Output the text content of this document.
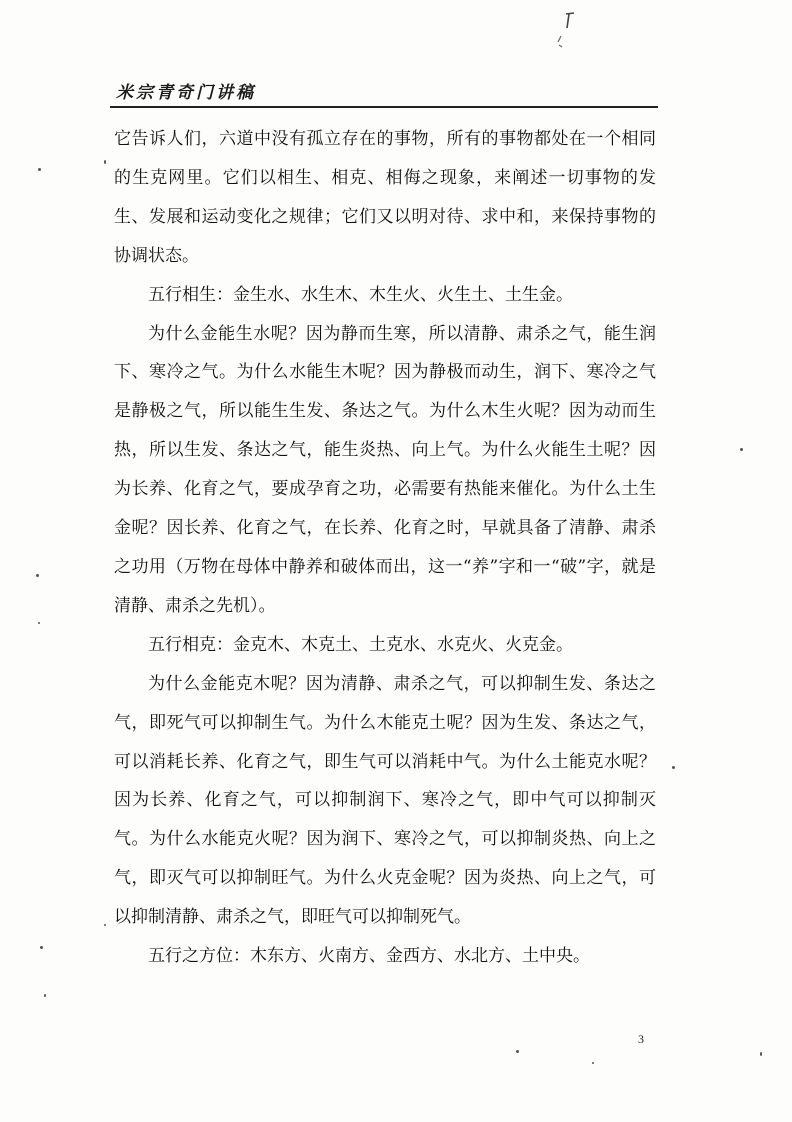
米宗青奇门讲稿

它告诉人们，六道中没有孤立存在的事物，所有的事物都处在一个相同的生克网里。它们以相生、相克、相侮之现象，来阐述一切事物的发生、发展和运动变化之规律；它们又以明对待、求中和，来保持事物的协调状态。

五行相生：金生水、水生木、木生火、火生土、土生金。

为什么金能生水呢？因为静而生寒，所以清静、肃杀之气，能生润下、寒冷之气。为什么水能生木呢？因为静极而动生，润下、寒冷之气是静极之气，所以能生生发、条达之气。为什么木生火呢？因为动而生热，所以生发、条达之气，能生炎热、向上气。为什么火能生土呢？因为长养、化育之气，要成孕育之功，必需要有热能来催化。为什么土生金呢？因长养、化育之气，在长养、化育之时，早就具备了清静、肃杀之功用（万物在母体中静养和破体而出，这一“养”字和一“破”字，就是清静、肃杀之先机）。

五行相克：金克木、木克土、土克水、水克火、火克金。

为什么金能克木呢？因为清静、肃杀之气，可以抑制生发、条达之气，即死气可以抑制生气。为什么木能克土呢？因为生发、条达之气，可以消耗长养、化育之气，即生气可以消耗中气。为什么土能克水呢？因为长养、化育之气，可以抑制润下、寒冷之气，即中气可以抑制灭气。为什么水能克火呢？因为润下、寒冷之气，可以抑制炎热、向上之气，即灭气可以抑制旺气。为什么火克金呢？因为炎热、向上之气，可以抑制清静、肃杀之气，即旺气可以抑制死气。

五行之方位：木东方、火南方、金西方、水北方、土中央。

3
